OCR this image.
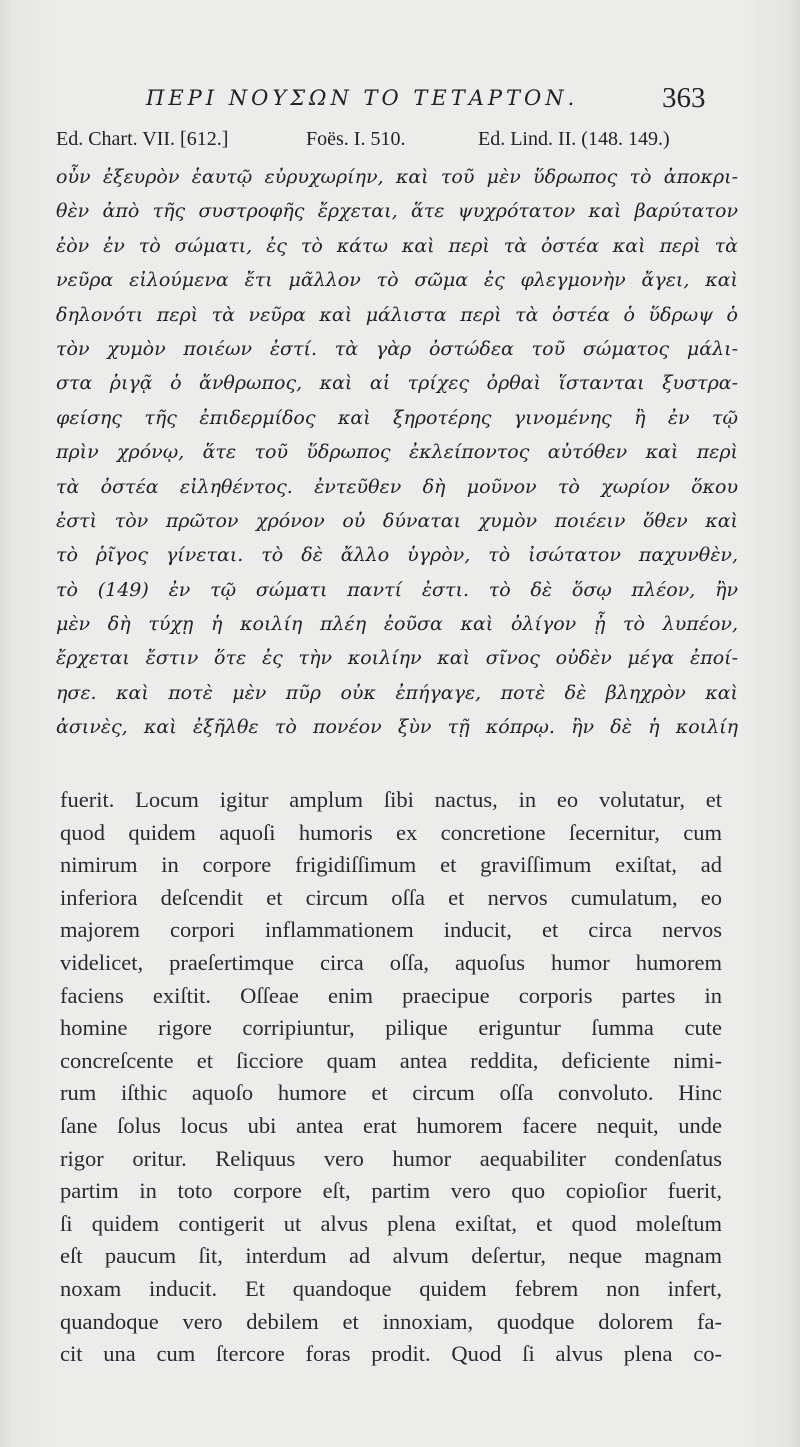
ΠΕΡΙ ΝΟΥΣΩΝ ΤΟ ΤΕΤΑΡΤΟΝ.	363
Ed. Chart. VII. [612.]	Foës. I. 510.	Ed. Lind. II. (148. 149.)
οὖν ἐξευρὸν ἑαυτῷ εὐρυχωρίην, καὶ τοῦ μὲν ὕδρωπος τὸ ἀποκρι-
θὲν ἀπὸ τῆς συστροφῆς ἔρχεται, ἅτε ψυχρότατον καὶ βαρύτατον
ἐὸν ἐν τὸ σώματι, ἐς τὸ κάτω καὶ περὶ τὰ ὀστέα καὶ περὶ τὰ
νεῦρα εἰλούμενα ἔτι μᾶλλον τὸ σῶμα ἐς φλεγμονὴν ἄγει, καὶ
δηλονότι περὶ τὰ νεῦρα καὶ μάλιστα περὶ τὰ ὀστέα ὁ ὕδρωψ ὁ
τὸν χυμὸν ποιέων ἐστί. τὰ γὰρ ὀστώδεα τοῦ σώματος μάλι-
στα ῥιγᾷ ὁ ἄνθρωπος, καὶ αἱ τρίχες ὀρθαὶ ἵστανται ξυστρα-
φείσης τῆς ἐπιδερμίδος καὶ ξηροτέρης γινομένης ἢ ἐν τῷ
πρὶν χρόνῳ, ἅτε τοῦ ὕδρωπος ἐκλείποντος αὐτόθεν καὶ περὶ
τὰ ὀστέα εἰληθέντος. ἐντεῦθεν δὴ μοῦνον τὸ χωρίον ὅκου
ἐστὶ τὸν πρῶτον χρόνον οὐ δύναται χυμὸν ποιέειν ὅθεν καὶ
τὸ ῥῖγος γίνεται. τὸ δὲ ἄλλο ὑγρὸν, τὸ ἰσώτατον παχυνθὲν,
τὸ (149) ἐν τῷ σώματι παντί ἐστι. τὸ δὲ ὅσῳ πλέον, ἢν
μὲν δὴ τύχῃ ἡ κοιλίη πλέη ἐοῦσα καὶ ὀλίγον ᾖ τὸ λυπέον,
ἔρχεται ἔστιν ὅτε ἐς τὴν κοιλίην καὶ σῖνος οὐδὲν μέγα ἐποί-
ησε. καὶ ποτὲ μὲν πῦρ οὐκ ἐπήγαγε, ποτὲ δὲ βληχρὸν καὶ
ἀσινὲς, καὶ ἐξῆλθε τὸ πονέον ξὺν τῇ κόπρῳ. ἢν δὲ ἡ κοιλίη
fuerit. Locum igitur amplum ſibi nactus, in eo volutatur, et
quod quidem aquoſi humoris ex concretione ſecernitur, cum
nimirum in corpore frigidiſſimum et graviſſimum exiſtat, ad
inferiora deſcendit et circum oſſa et nervos cumulatum, eo
majorem corpori inflammationem inducit, et circa nervos
videlicet, praeſertimque circa oſſa, aquoſus humor humorem
faciens exiſtit. Oſſeae enim praecipue corporis partes in
homine rigore corripiuntur, pilique eriguntur ſumma cute
concreſcente et ſicciore quam antea reddita, deficiente nimi-
rum iſthic aquoſo humore et circum oſſa convoluto. Hinc
ſane ſolus locus ubi antea erat humorem facere nequit, unde
rigor oritur. Reliquus vero humor aequabiliter condenſatus
partim in toto corpore eſt, partim vero quo copioſior fuerit,
ſi quidem contigerit ut alvus plena exiſtat, et quod moleſtum
eſt paucum ſit, interdum ad alvum deſertur, neque magnam
noxam inducit. Et quandoque quidem febrem non infert,
quandoque vero debilem et innoxiam, quodque dolorem fa-
cit una cum ſtercore foras prodit. Quod ſi alvus plena co-
